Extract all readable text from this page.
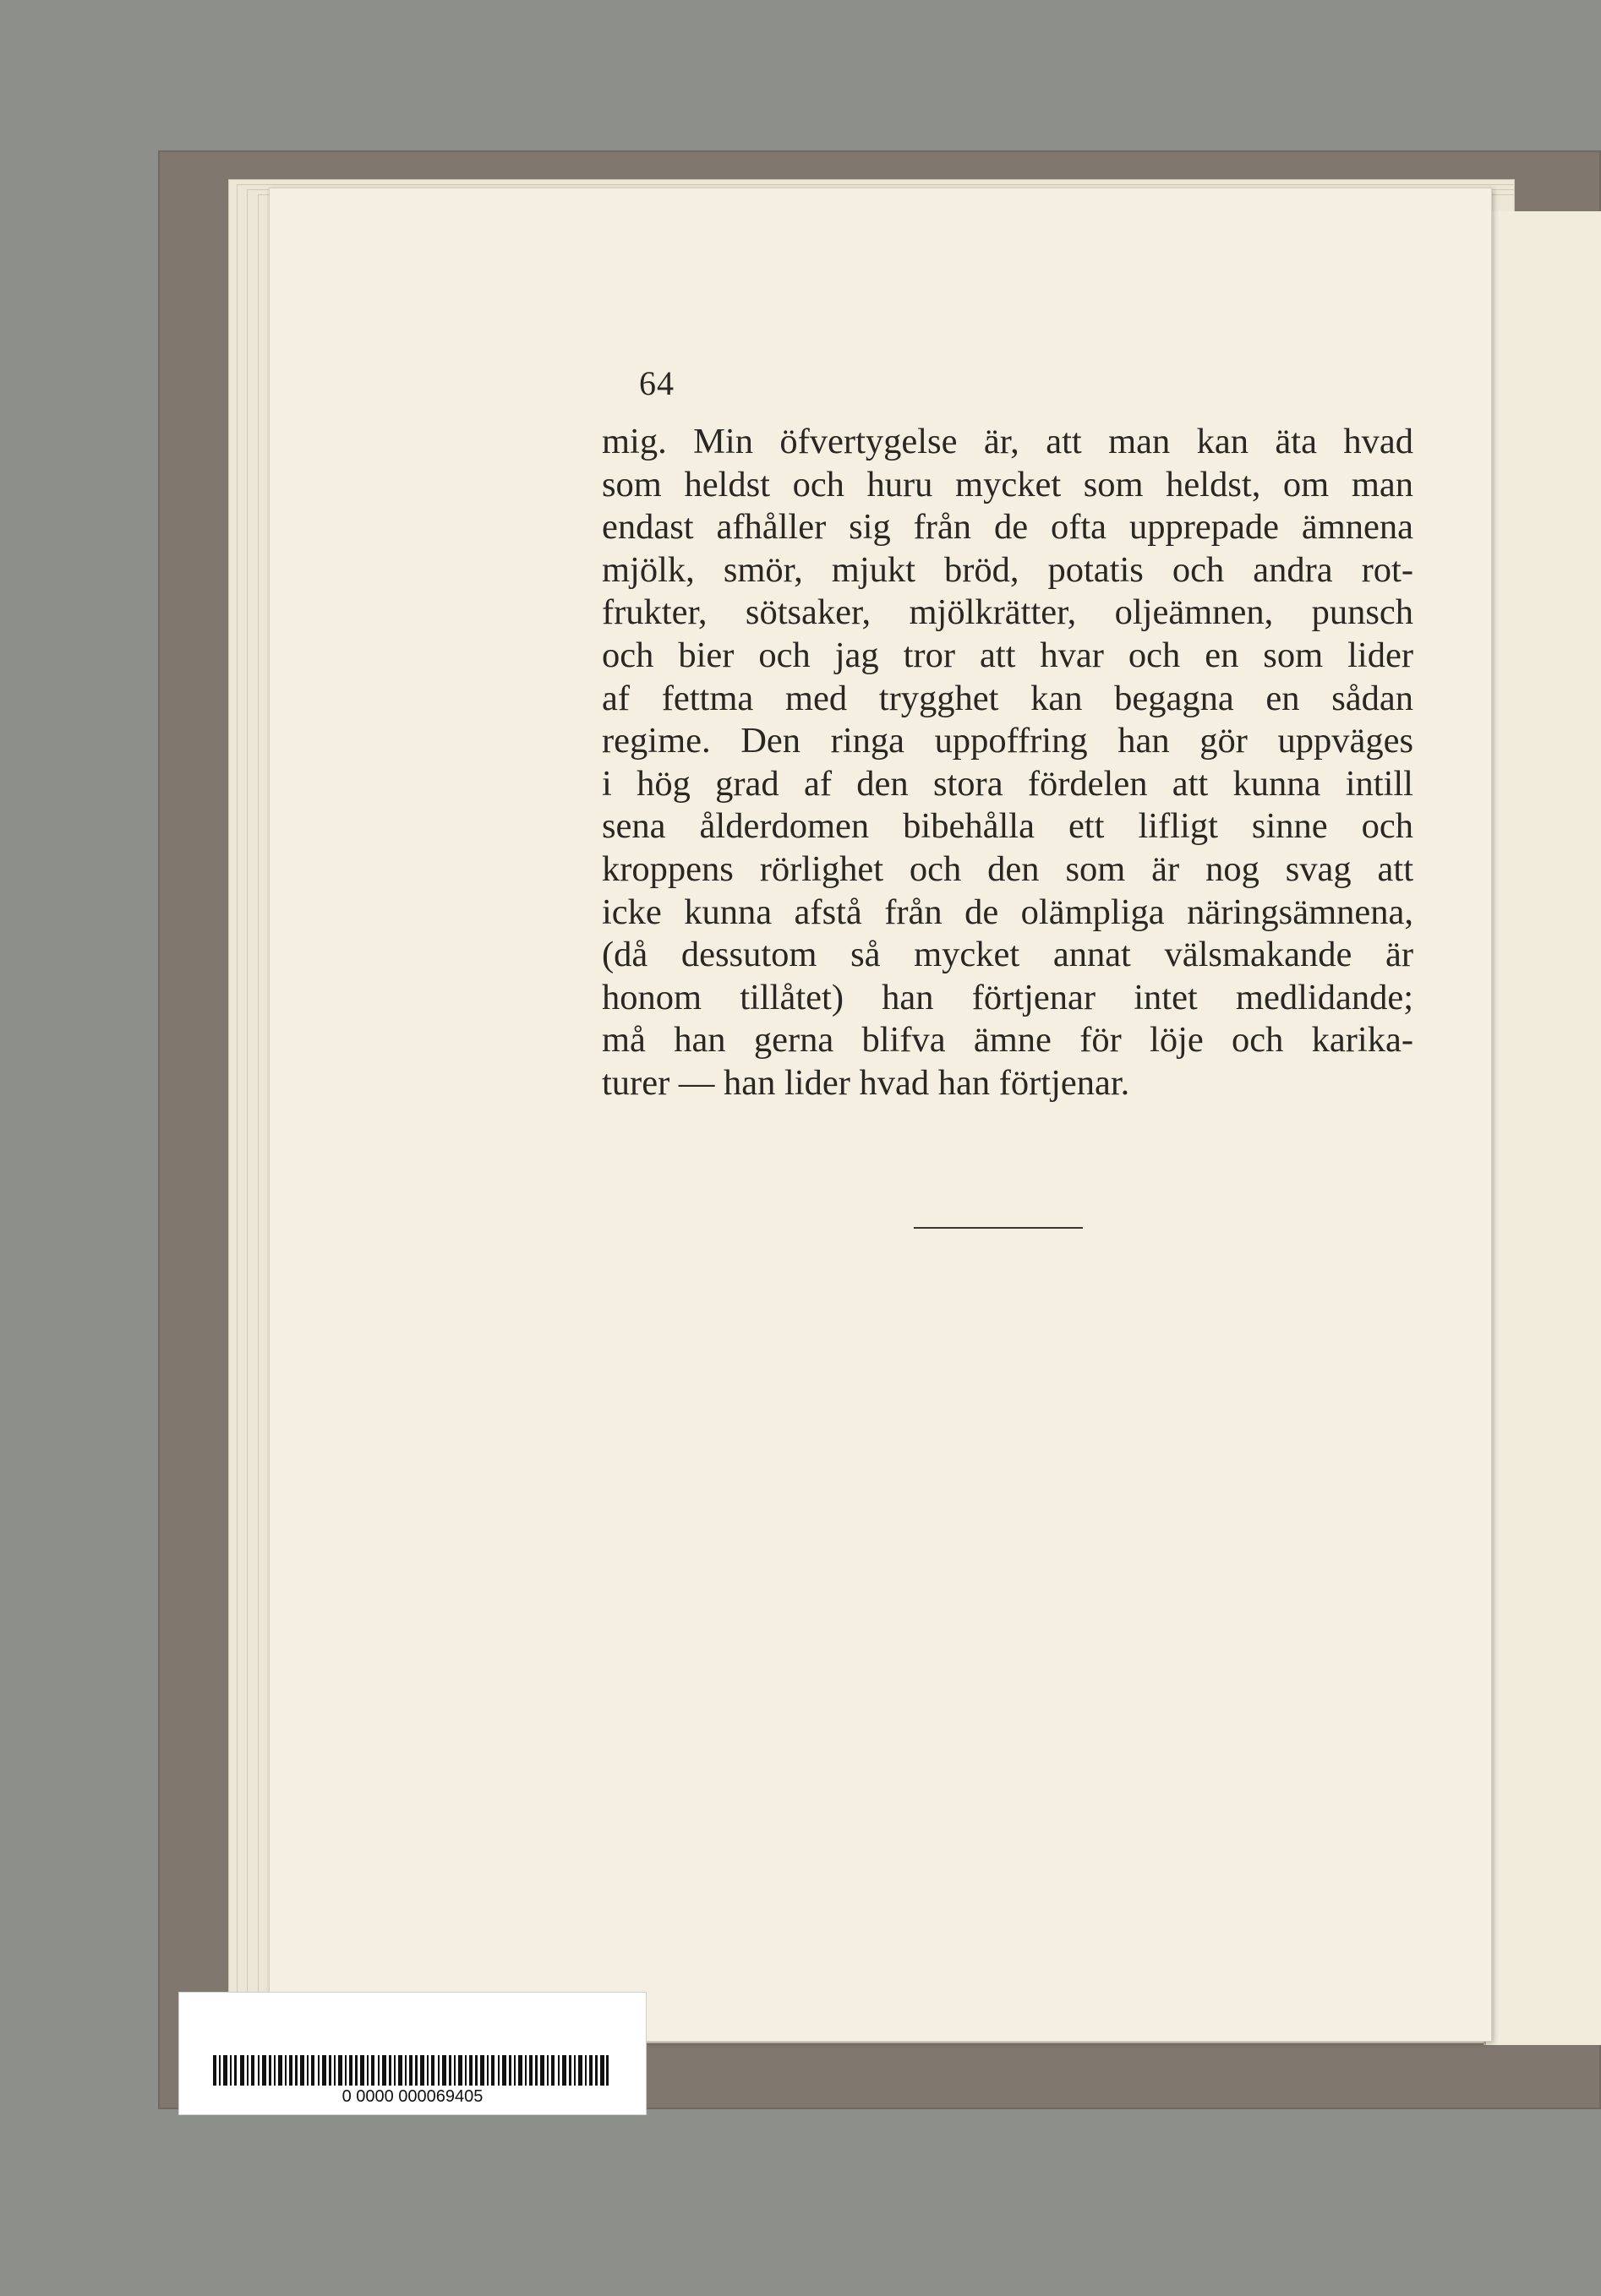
64
mig. Min öfvertygelse är, att man kan äta hvad
som heldst och huru mycket som heldst, om man
endast afhåller sig från de ofta upprepade ämnena
mjölk, smör, mjukt bröd, potatis och andra rot-
frukter, sötsaker, mjölkrätter, oljeämnen, punsch
och bier och jag tror att hvar och en som lider
af fettma med trygghet kan begagna en sådan
regime. Den ringa uppoffring han gör uppväges
i hög grad af den stora fördelen att kunna intill
sena ålderdomen bibehålla ett lifligt sinne och
kroppens rörlighet och den som är nog svag att
icke kunna afstå från de olämpliga näringsämnena,
(då dessutom så mycket annat välsmakande är
honom tillåtet) han förtjenar intet medlidande;
må han gerna blifva ämne för löje och karika-
turer — han lider hvad han förtjenar.
0 0000 000069405
